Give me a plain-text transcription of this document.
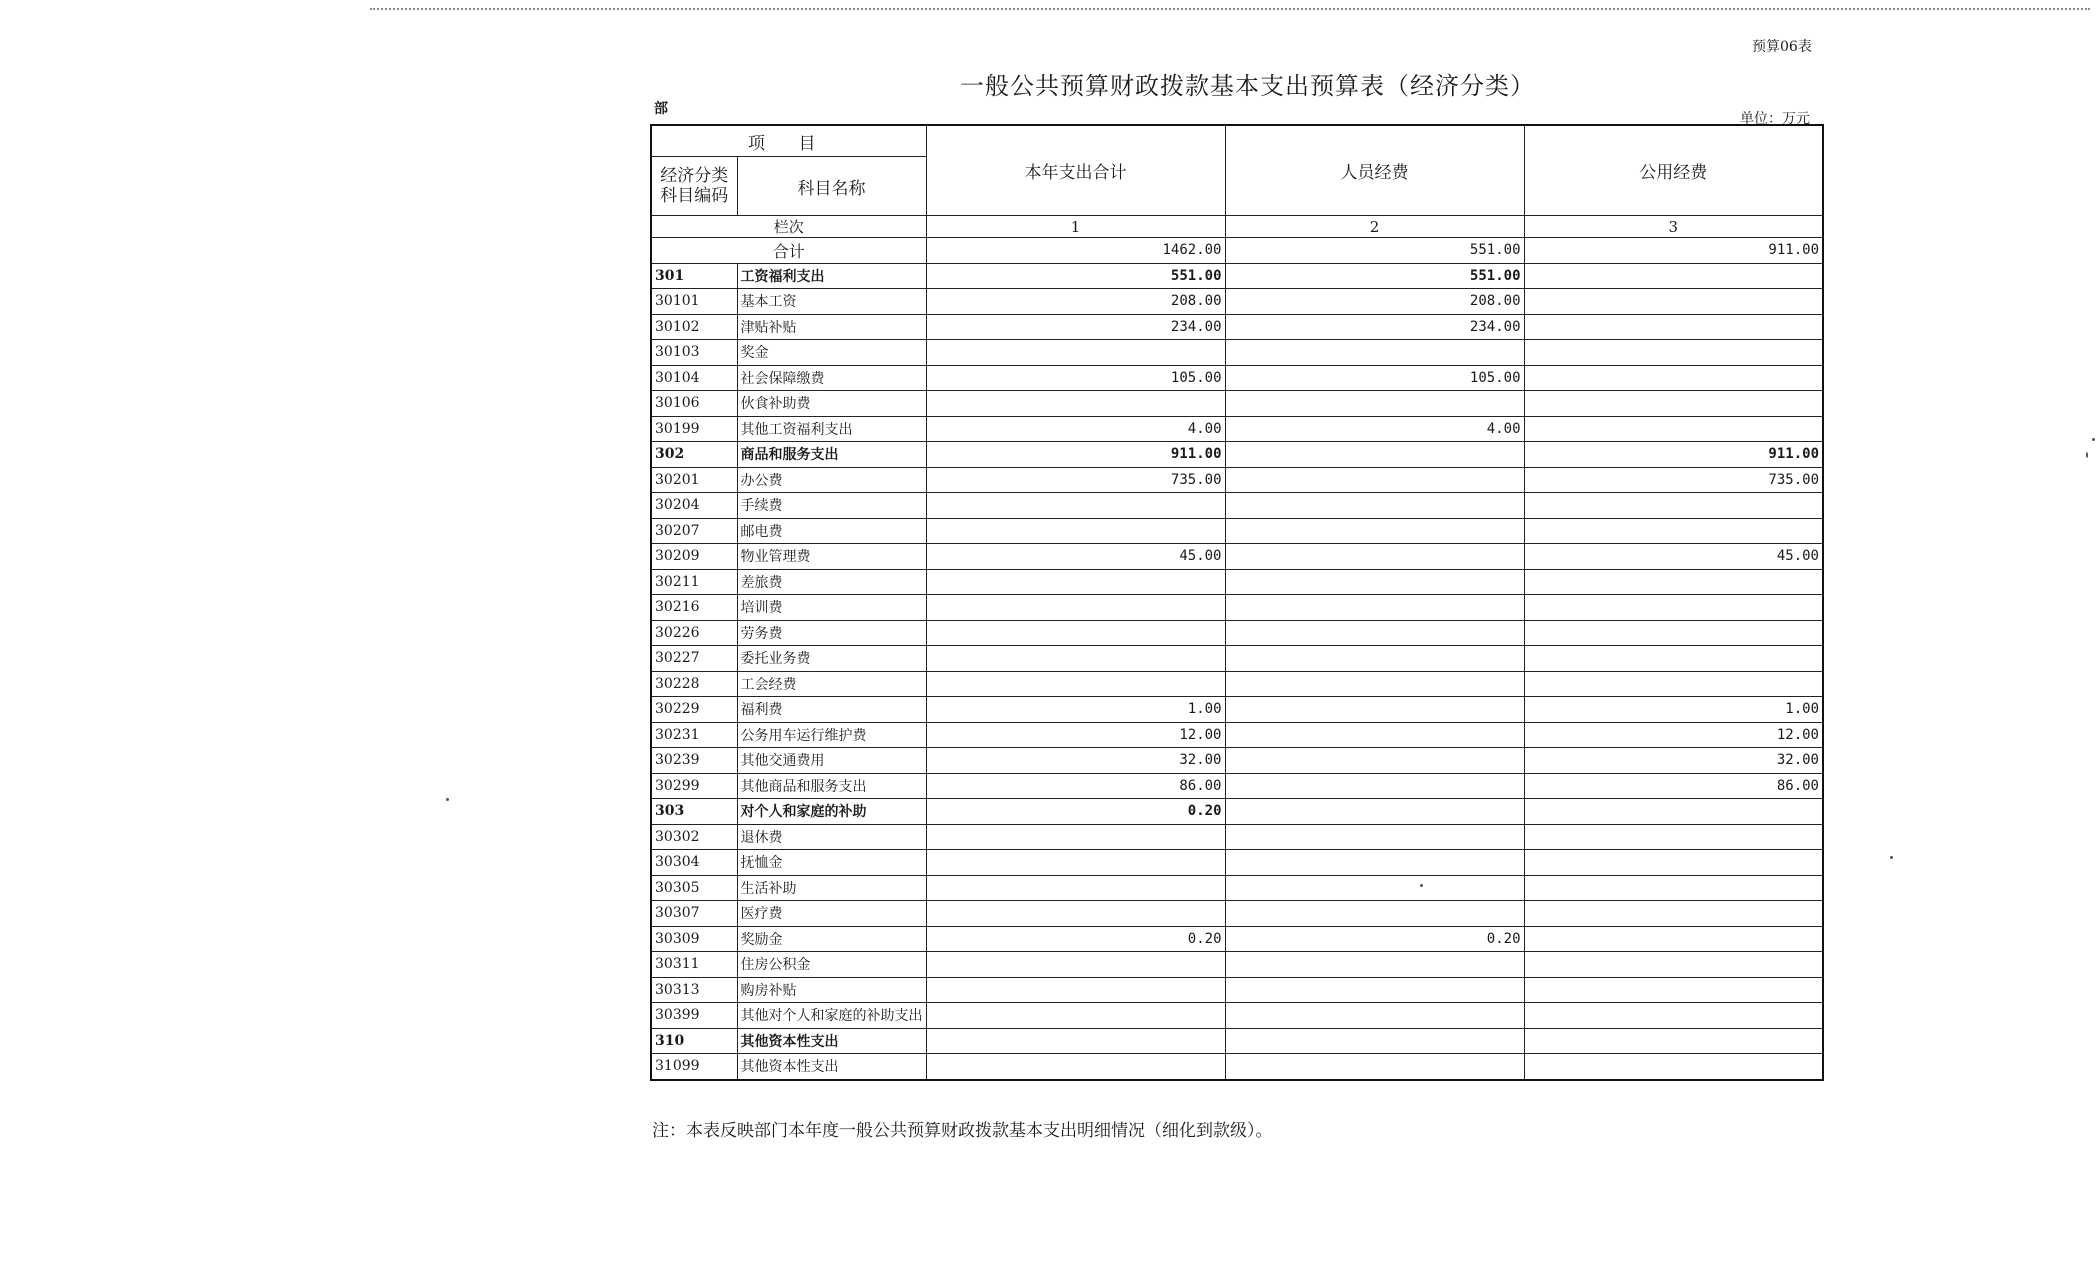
预算06表
一般公共预算财政拨款基本支出预算表（经济分类）
部
单位：万元
项 目		本年支出合计	人员经费	公用经费
经济分类科目编码	科目名称			
栏次		1	2	3
合计		1462.00	551.00	911.00
301	工资福利支出	551.00	551.00	
30101	基本工资	208.00	208.00	
30102	津贴补贴	234.00	234.00	
30103	奖金			
30104	社会保障缴费	105.00	105.00	
30106	伙食补助费			
30199	其他工资福利支出	4.00	4.00	
302	商品和服务支出	911.00		911.00
30201	办公费	735.00		735.00
30204	手续费			
30207	邮电费			
30209	物业管理费	45.00		45.00
30211	差旅费			
30216	培训费			
30226	劳务费			
30227	委托业务费			
30228	工会经费			
30229	福利费	1.00		1.00
30231	公务用车运行维护费	12.00		12.00
30239	其他交通费用	32.00		32.00
30299	其他商品和服务支出	86.00		86.00
303	对个人和家庭的补助	0.20		
30302	退休费			
30304	抚恤金			
30305	生活补助			
30307	医疗费			
30309	奖励金	0.20	0.20	
30311	住房公积金			
30313	购房补贴			
30399	其他对个人和家庭的补助支出			
310	其他资本性支出			
31099	其他资本性支出			
注：本表反映部门本年度一般公共预算财政拨款基本支出明细情况（细化到款级）。
